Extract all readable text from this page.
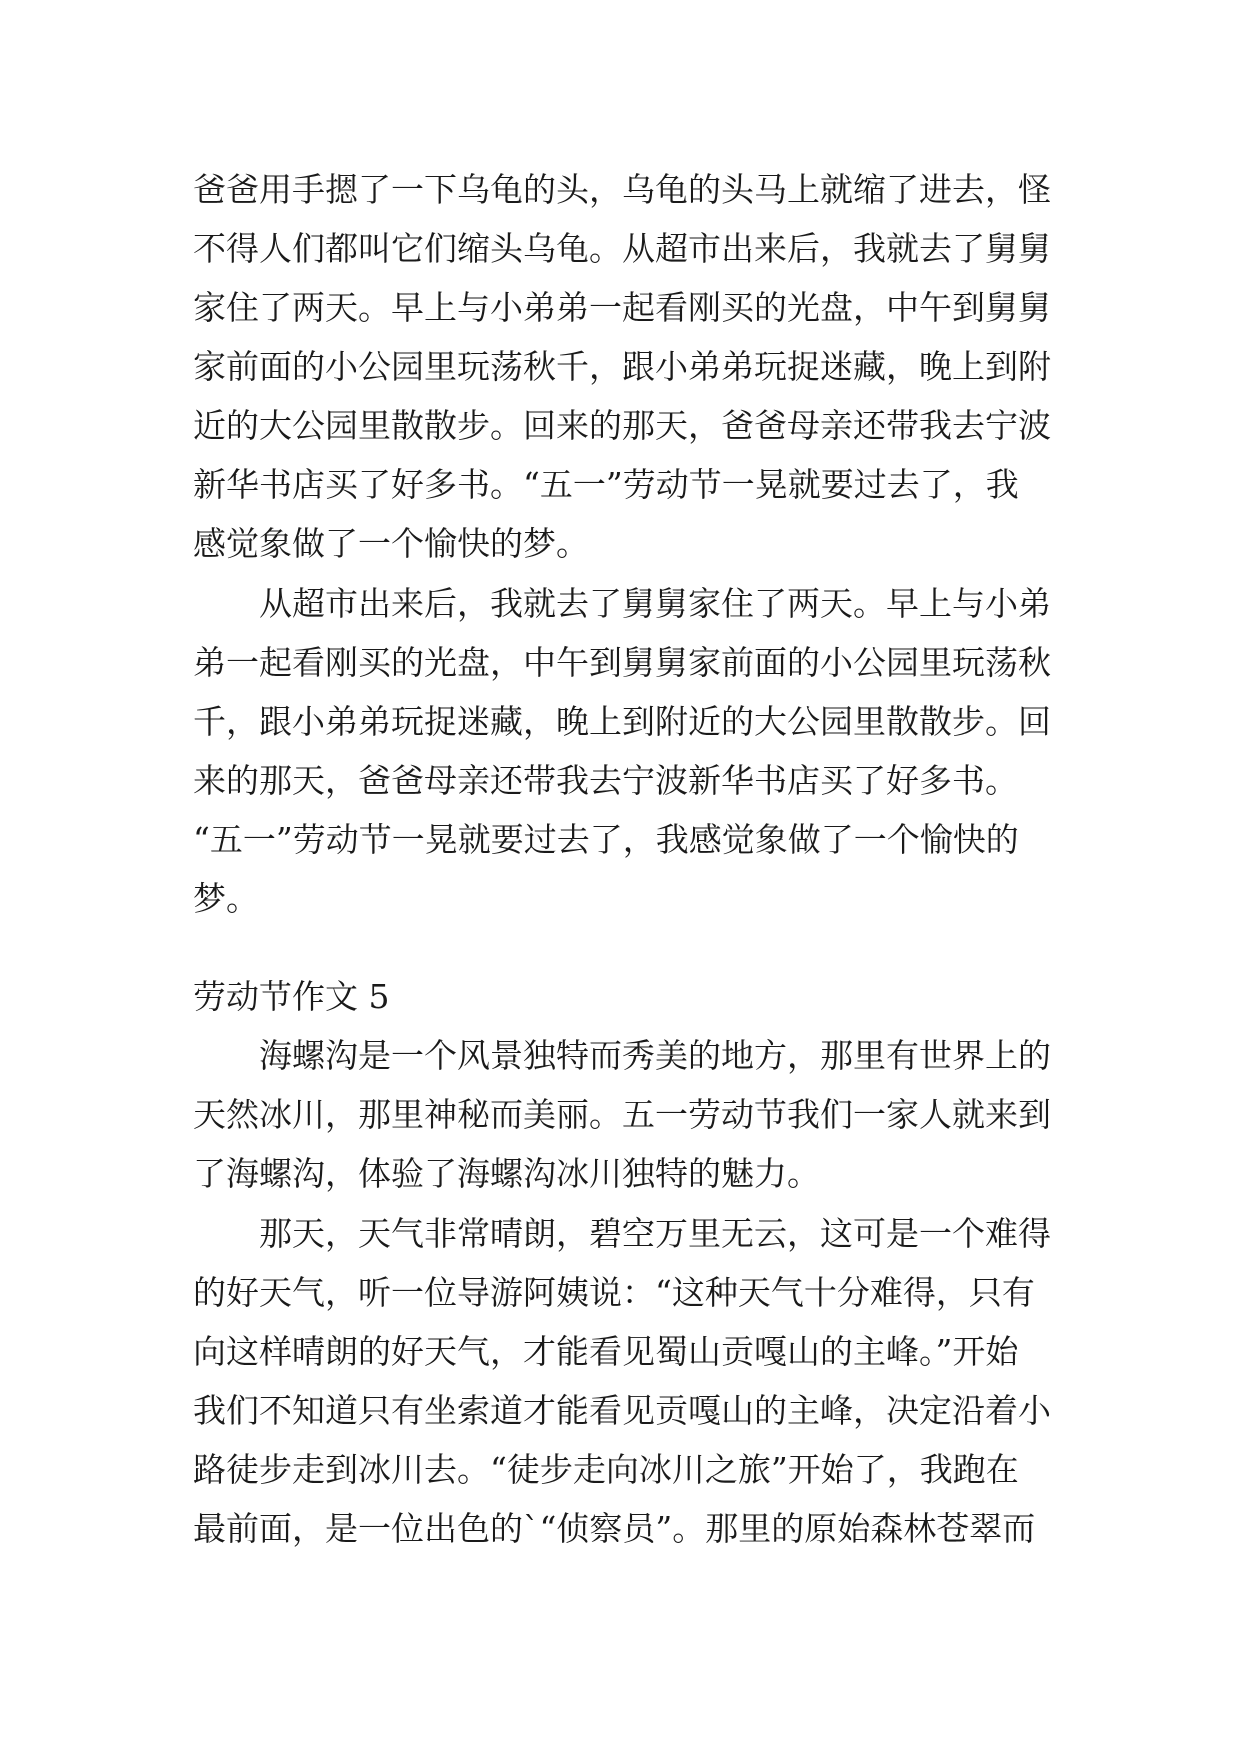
爸爸用手摁了一下乌龟的头，乌龟的头马上就缩了进去，怪
不得人们都叫它们缩头乌龟。从超市出来后，我就去了舅舅
家住了两天。早上与小弟弟一起看刚买的光盘，中午到舅舅
家前面的小公园里玩荡秋千，跟小弟弟玩捉迷藏，晚上到附
近的大公园里散散步。回来的那天，爸爸母亲还带我去宁波
新华书店买了好多书。“五一”劳动节一晃就要过去了，我
感觉象做了一个愉快的梦。
从超市出来后，我就去了舅舅家住了两天。早上与小弟
弟一起看刚买的光盘，中午到舅舅家前面的小公园里玩荡秋
千，跟小弟弟玩捉迷藏，晚上到附近的大公园里散散步。回
来的那天，爸爸母亲还带我去宁波新华书店买了好多书。
“五一”劳动节一晃就要过去了，我感觉象做了一个愉快的
梦。
劳动节作文 5
海螺沟是一个风景独特而秀美的地方，那里有世界上的
天然冰川，那里神秘而美丽。五一劳动节我们一家人就来到
了海螺沟，体验了海螺沟冰川独特的魅力。
那天，天气非常晴朗，碧空万里无云，这可是一个难得
的好天气，听一位导游阿姨说：“这种天气十分难得，只有
向这样晴朗的好天气，才能看见蜀山贡嘎山的主峰。”开始
我们不知道只有坐索道才能看见贡嘎山的主峰，决定沿着小
路徒步走到冰川去。“徒步走向冰川之旅”开始了，我跑在
最前面，是一位出色的`“侦察员”。那里的原始森林苍翠而
